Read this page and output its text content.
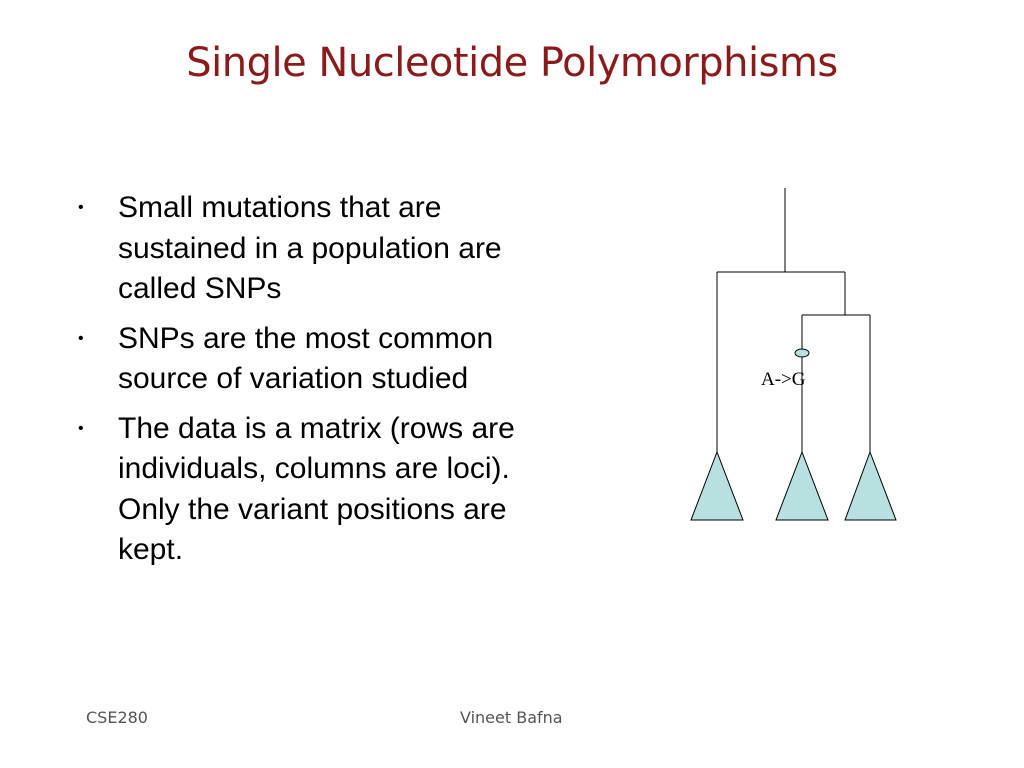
Single Nucleotide Polymorphisms
• Small mutations that are sustained in a population are called SNPs
• SNPs are the most common source of variation studied
• The data is a matrix (rows are individuals, columns are loci). Only the variant positions are kept.
A->G
CSE280	Vineet Bafna
